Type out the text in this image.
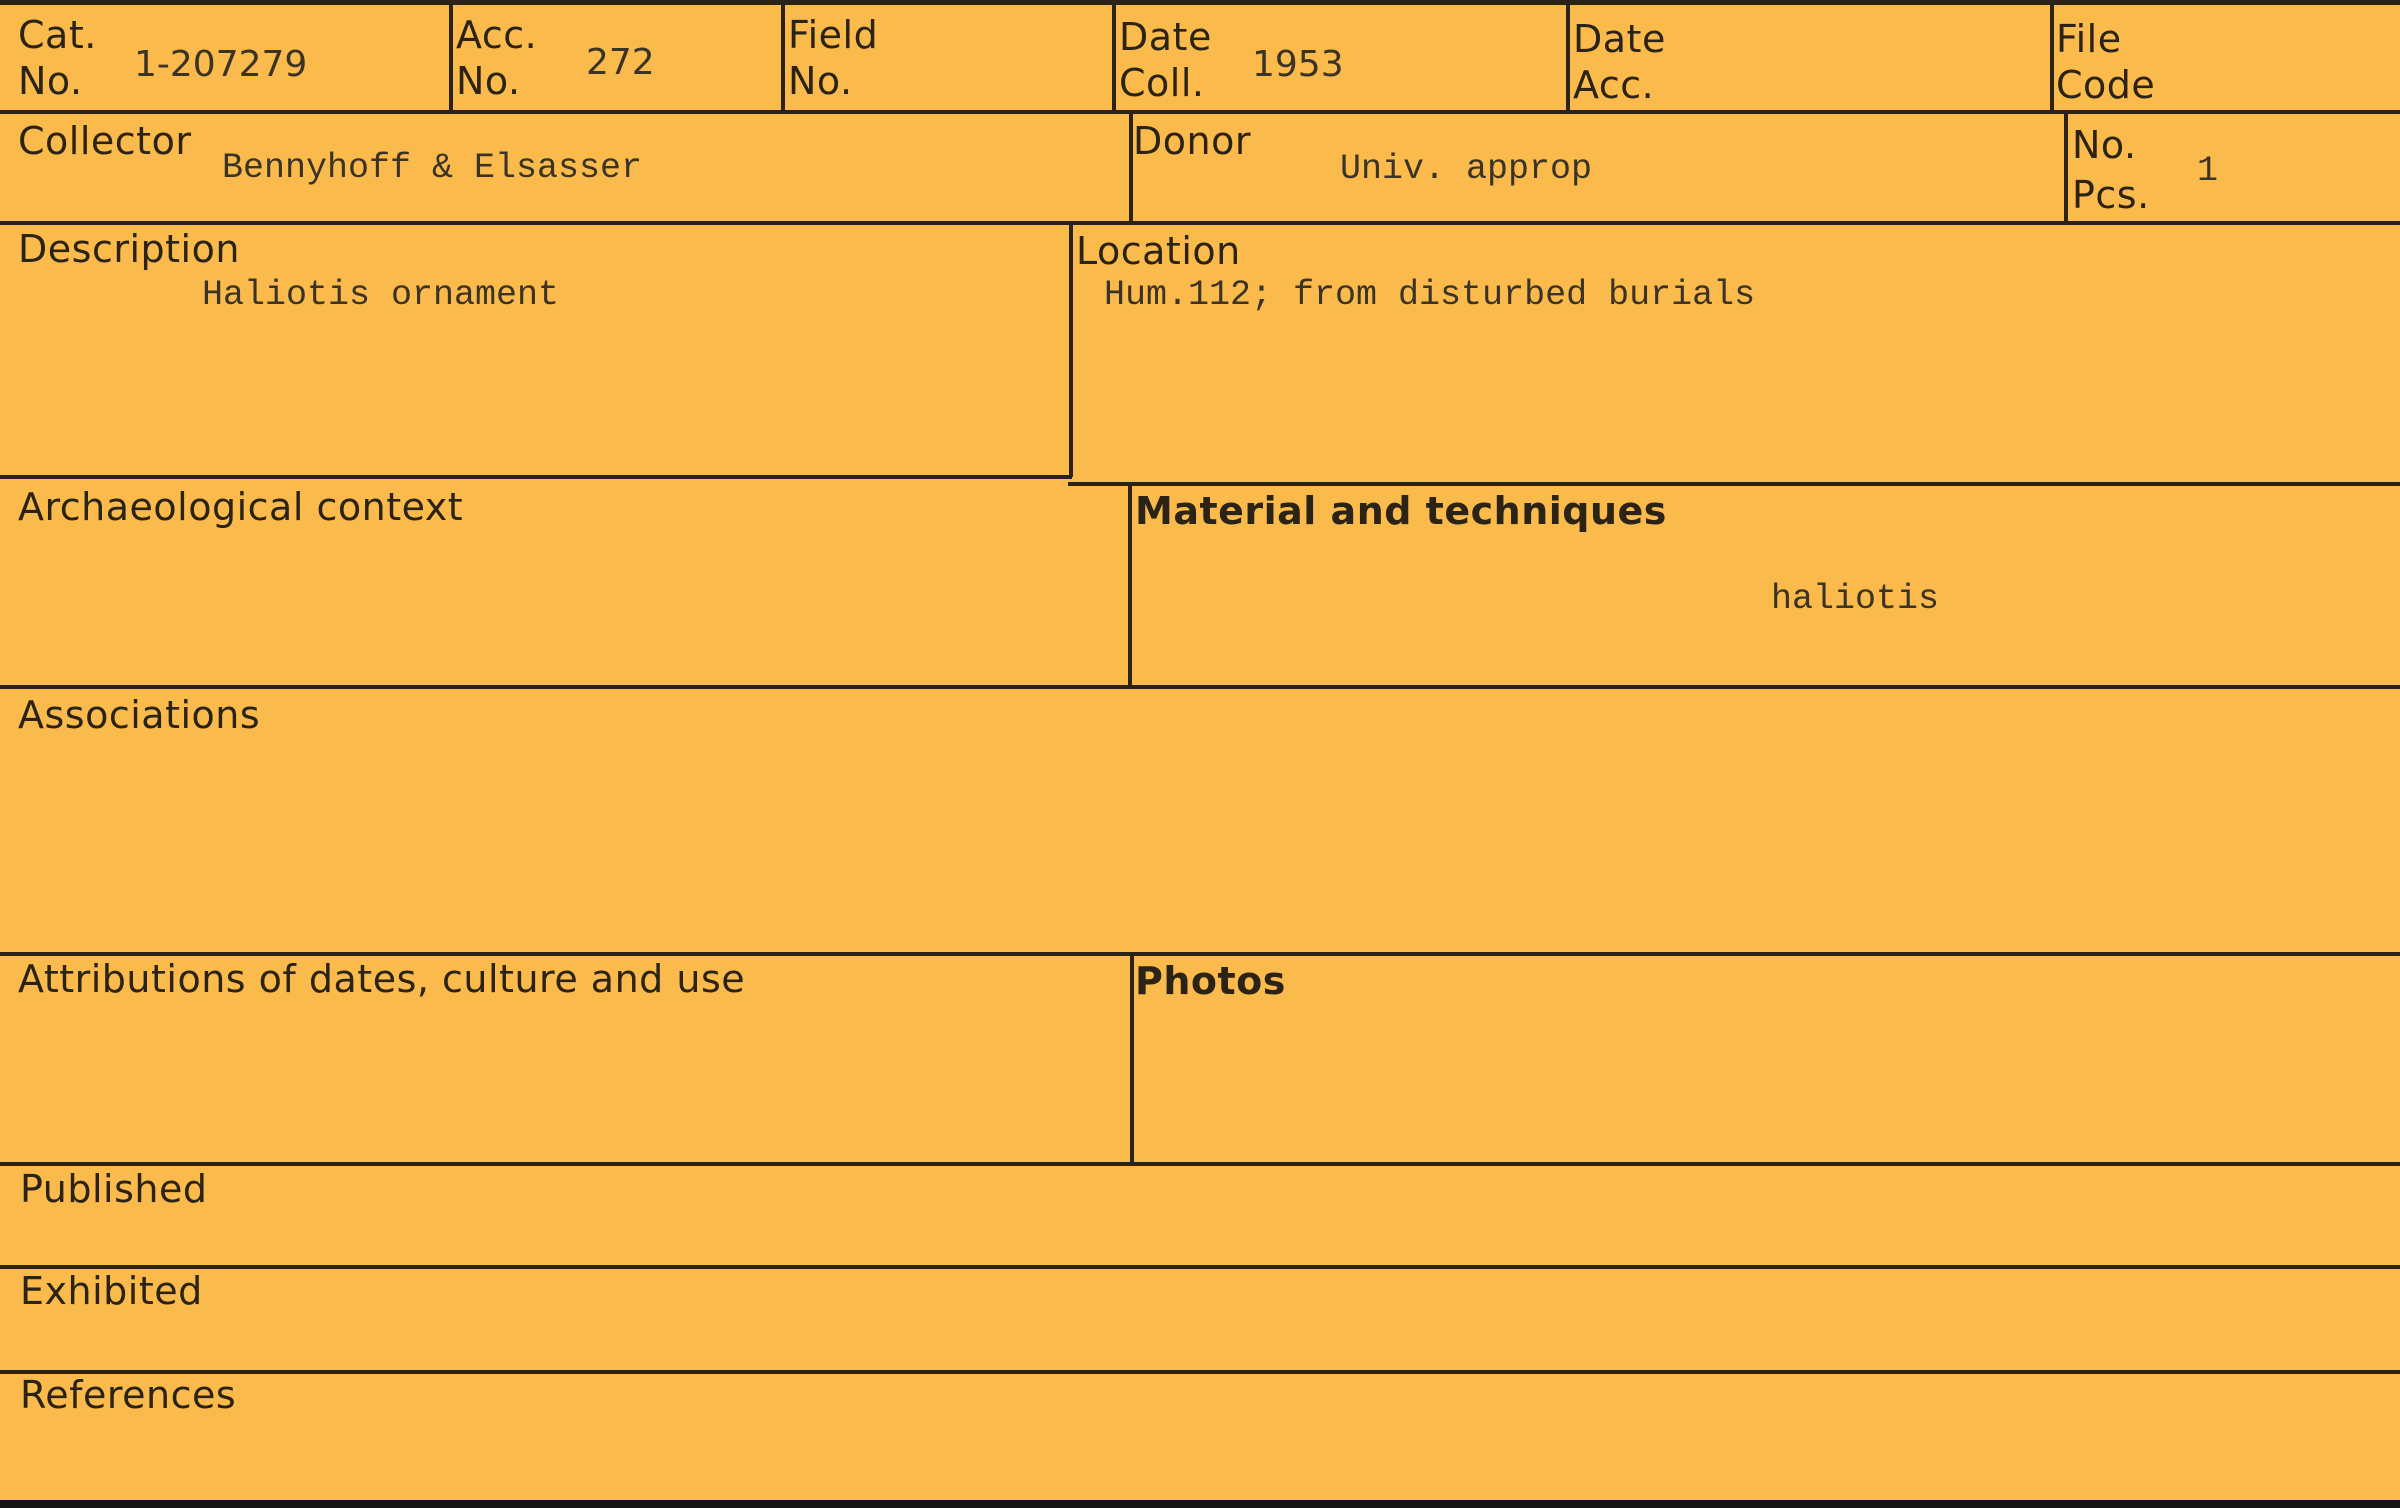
Cat.
No. 1-207279
Acc.
No. 272
Field
No.
Date
Coll. 1953
Date
Acc.
File
Code
Collector
Bennyhoff & Elsasser
Donor
Univ. approp
No.
Pcs.
1
Description
Haliotis ornament
Location
Hum.112; from disturbed burials
Archaeological context	Material and techniques
haliotis
Associations
Attributions of dates, culture and use	Photos
Published
Exhibited
References
